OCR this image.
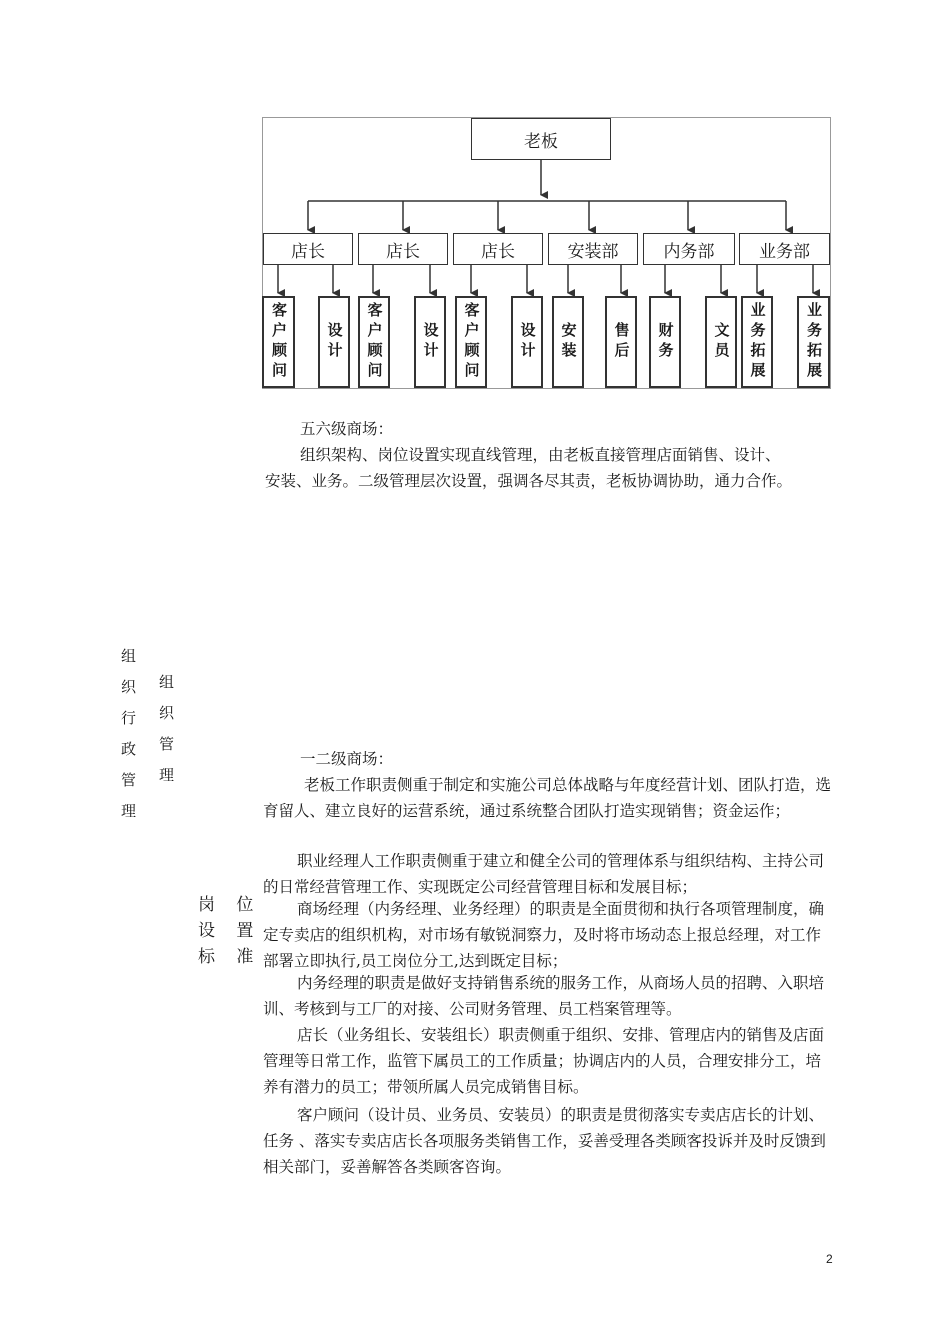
老板
店长	店长	店长	安装部	内务部	业务部
客户顾问	设计	客户顾问	设计	客户顾问	设计	安装	售后	财务	文员	业务拓展	业务拓展

五六级商场：

组织架构、岗位设置实现直线管理，由老板直接管理店面销售、设计、

安装、业务。二级管理层次设置，强调各尽其责，老板协调协助，通力合作。

组织行政管理 组织管理
岗 位
设 置
标 准

一二级商场：

老板工作职责侧重于制定和实施公司总体战略与年度经营计划、团队打造，选育留人、建立良好的运营系统，通过系统整合团队打造实现销售；资金运作；

职业经理人工作职责侧重于建立和健全公司的管理体系与组织结构、主持公司的日常经营管理工作、实现既定公司经营管理目标和发展目标；

商场经理（内务经理、业务经理）的职责是全面贯彻和执行各项管理制度，确定专卖店的组织机构，对市场有敏锐洞察力，及时将市场动态上报总经理，对工作部署立即执行,员工岗位分工,达到既定目标；

内务经理的职责是做好支持销售系统的服务工作，从商场人员的招聘、入职培训、考核到与工厂的对接、公司财务管理、员工档案管理等。

店长（业务组长、安装组长）职责侧重于组织、安排、管理店内的销售及店面管理等日常工作，监管下属员工的工作质量；协调店内的人员，合理安排分工，培养有潜力的员工；带领所属人员完成销售目标。

客户顾问（设计员、业务员、安装员）的职责是贯彻落实专卖店店长的计划、任务 、落实专卖店店长各项服务类销售工作，妥善受理各类顾客投诉并及时反馈到相关部门，妥善解答各类顾客咨询。

2
